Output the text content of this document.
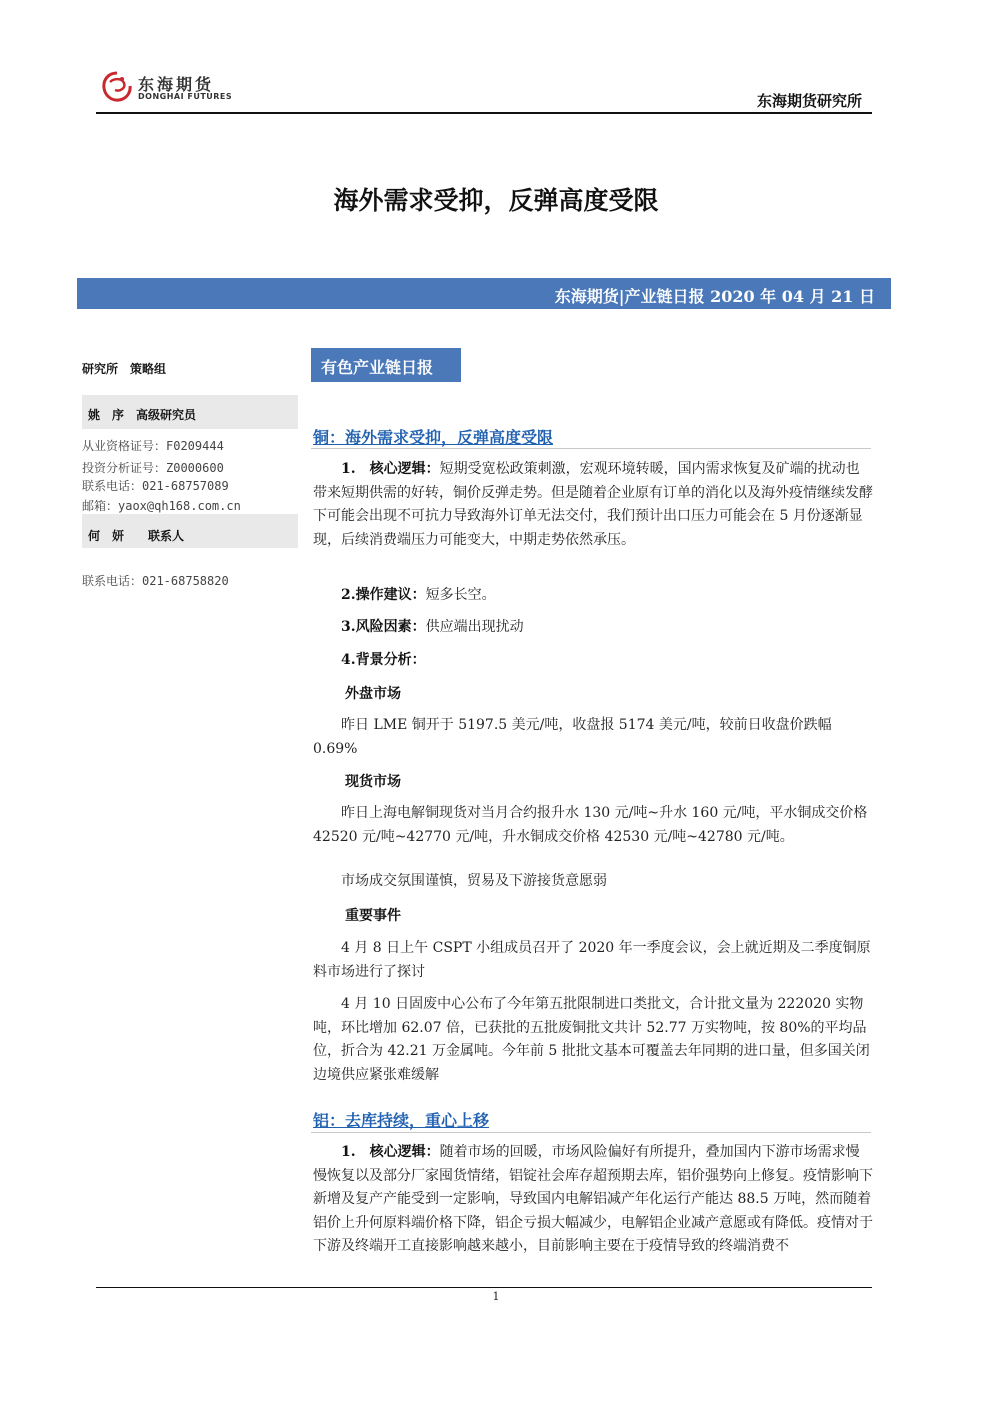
东海期货
DONGHAI FUTURES	东海期货研究所
海外需求受抑，反弹高度受限
东海期货|产业链日报 2020 年 04 月 21 日
研究所　策略组
姚　序　高级研究员
从业资格证号：F0209444
投资分析证号：Z0000600
联系电话：021-68757089
邮箱：yaox@qh168.com.cn
何　妍　　联系人
联系电话：021-68758820
有色产业链日报
铜：海外需求受抑，反弹高度受限
1.　核心逻辑：短期受宽松政策刺激，宏观环境转暖，国内需求恢复及矿端的扰动也带来短期供需的好转，铜价反弹走势。但是随着企业原有订单的消化以及海外疫情继续发酵下可能会出现不可抗力导致海外订单无法交付，我们预计出口压力可能会在 5 月份逐渐显现，后续消费端压力可能变大，中期走势依然承压。
2.操作建议：短多长空。
3.风险因素：供应端出现扰动
4.背景分析：
外盘市场
昨日 LME 铜开于 5197.5 美元/吨，收盘报 5174 美元/吨，较前日收盘价跌幅 0.69%
现货市场
昨日上海电解铜现货对当月合约报升水 130 元/吨~升水 160 元/吨，平水铜成交价格 42520 元/吨~42770 元/吨，升水铜成交价格 42530 元/吨~42780 元/吨。
市场成交氛围谨慎，贸易及下游接货意愿弱
重要事件
4 月 8 日上午 CSPT 小组成员召开了 2020 年一季度会议，会上就近期及二季度铜原料市场进行了探讨
4 月 10 日固废中心公布了今年第五批限制进口类批文，合计批文量为 222020 实物吨，环比增加 62.07 倍，已获批的五批废铜批文共计 52.77 万实物吨，按 80%的平均品位，折合为 42.21 万金属吨。今年前 5 批批文基本可覆盖去年同期的进口量，但多国关闭边境供应紧张难缓解
铝：去库持续，重心上移
1.　核心逻辑：随着市场的回暖，市场风险偏好有所提升，叠加国内下游市场需求慢慢恢复以及部分厂家囤货情绪，铝锭社会库存超预期去库，铝价强势向上修复。疫情影响下新增及复产产能受到一定影响，导致国内电解铝减产年化运行产能达 88.5 万吨，然而随着铝价上升何原料端价格下降，铝企亏损大幅减少，电解铝企业减产意愿或有降低。疫情对于下游及终端开工直接影响越来越小，目前影响主要在于疫情导致的终端消费不
1
